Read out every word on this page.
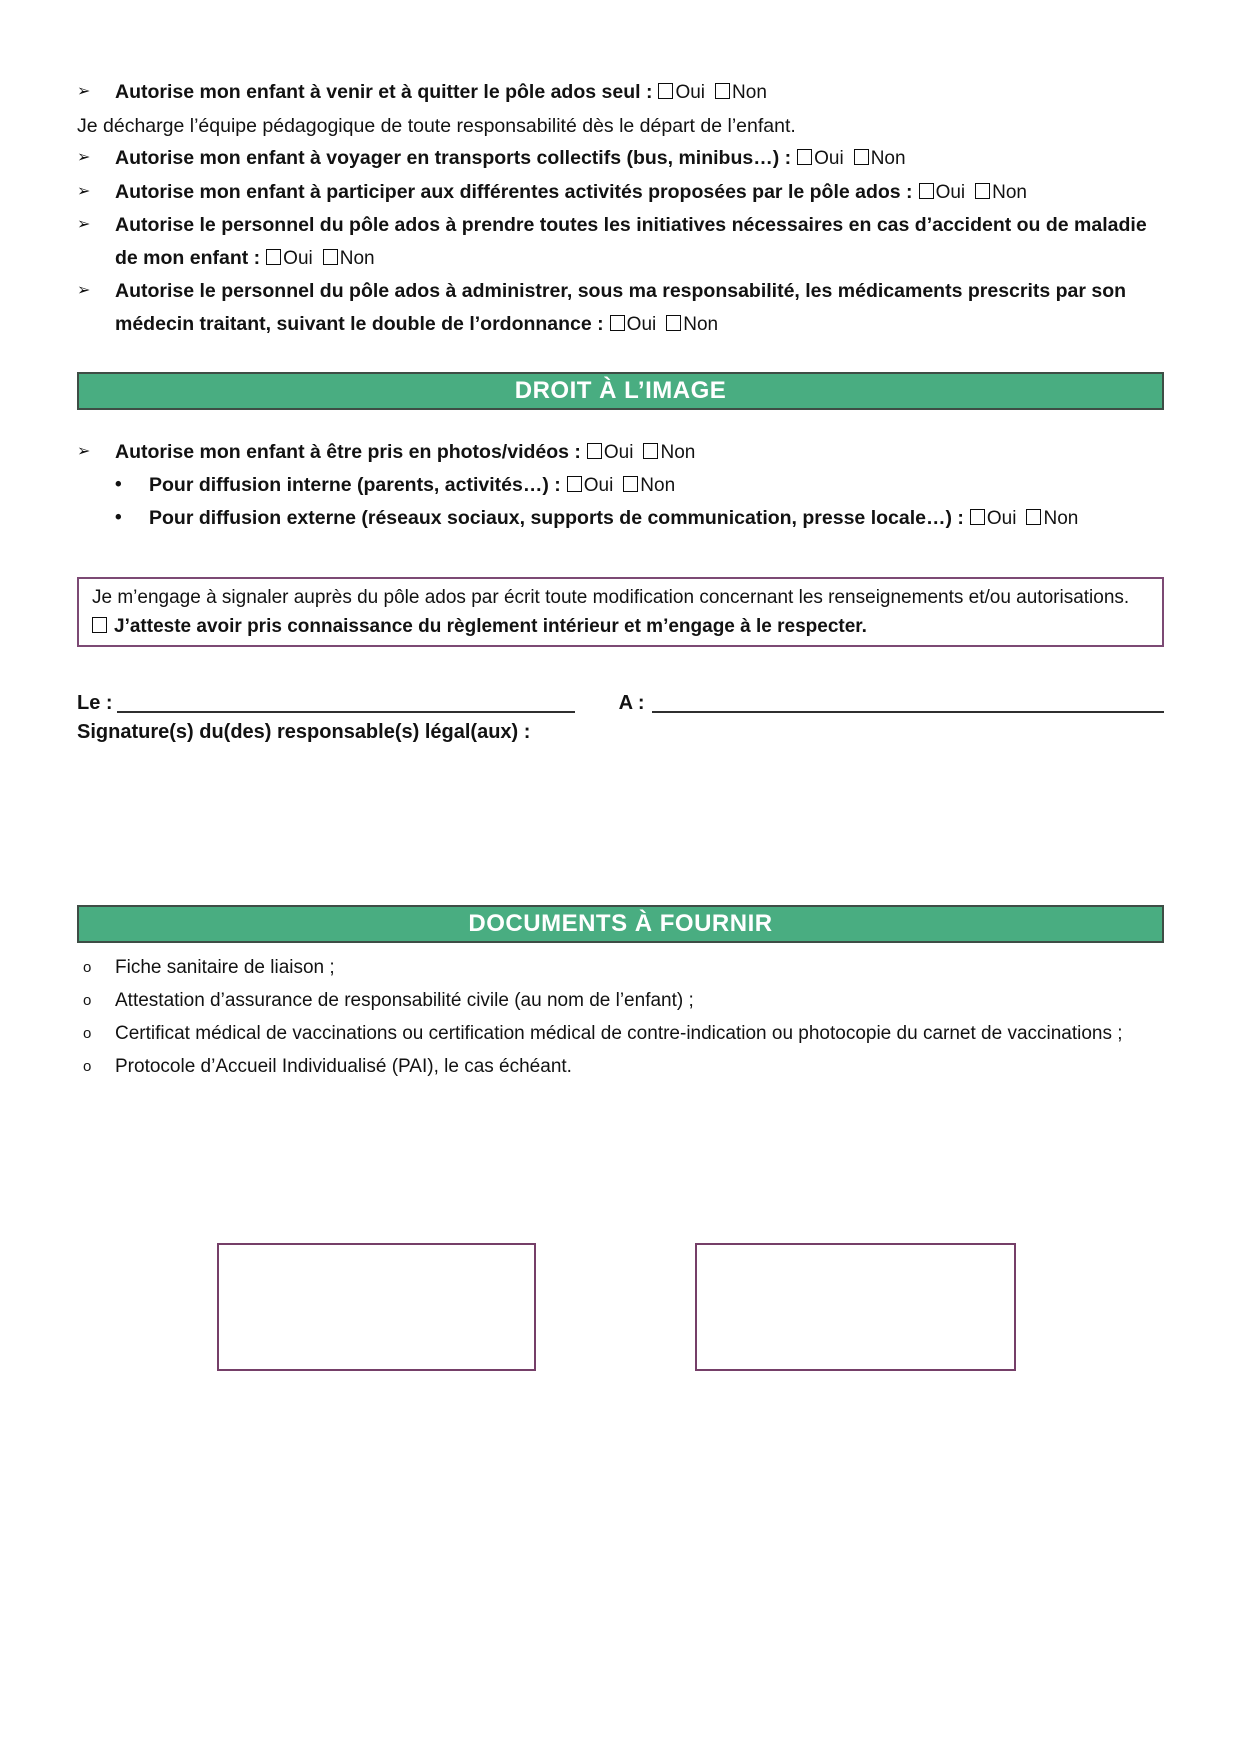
➢	Autorise mon enfant à venir et à quitter le pôle ados seul : Oui Non
Je décharge l’équipe pédagogique de toute responsabilité dès le départ de l’enfant.
➢	Autorise mon enfant à voyager en transports collectifs (bus, minibus…) : Oui Non
➢	Autorise mon enfant à participer aux différentes activités proposées par le pôle ados : Oui Non
➢	Autorise le personnel du pôle ados à prendre toutes les initiatives nécessaires en cas d’accident ou de maladie de mon enfant : Oui Non
➢	Autorise le personnel du pôle ados à administrer, sous ma responsabilité, les médicaments prescrits par son médecin traitant, suivant le double de l’ordonnance : Oui Non
DROIT À L’IMAGE
➢	Autorise mon enfant à être pris en photos/vidéos : Oui Non
•	Pour diffusion interne (parents, activités…) : Oui Non
•	Pour diffusion externe (réseaux sociaux, supports de communication, presse locale…) : Oui Non
Je m’engage à signaler auprès du pôle ados par écrit toute modification concernant les renseignements et/ou autorisations.
J’atteste avoir pris connaissance du règlement intérieur et m’engage à le respecter.
Le :	A :
Signature(s) du(des) responsable(s) légal(aux) :
DOCUMENTS À FOURNIR
o	Fiche sanitaire de liaison ;
o	Attestation d’assurance de responsabilité civile (au nom de l’enfant) ;
o	Certificat médical de vaccinations ou certification médical de contre-indication ou photocopie du carnet de vaccinations ;
o	Protocole d’Accueil Individualisé (PAI), le cas échéant.
